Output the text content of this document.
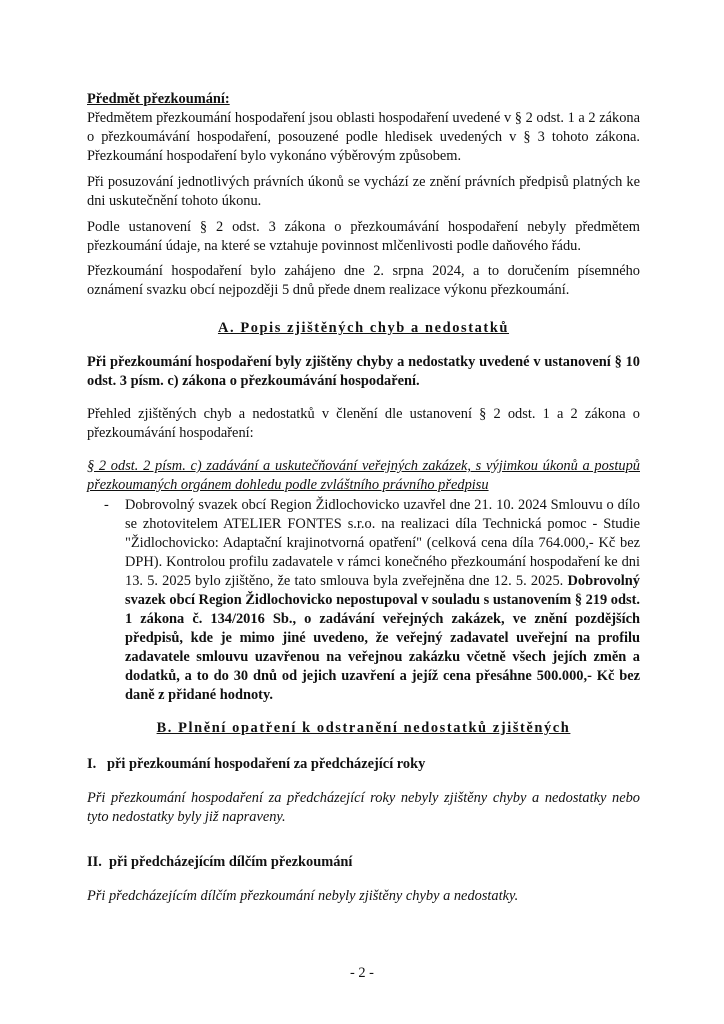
Předmět přezkoumání:
Předmětem přezkoumání hospodaření jsou oblasti hospodaření uvedené v § 2 odst. 1 a 2 zákona o přezkoumávání hospodaření, posouzené podle hledisek uvedených v § 3 tohoto zákona. Přezkoumání hospodaření bylo vykonáno výběrovým způsobem.
Při posuzování jednotlivých právních úkonů se vychází ze znění právních předpisů platných ke dni uskutečnění tohoto úkonu.
Podle ustanovení § 2 odst. 3 zákona o přezkoumávání hospodaření nebyly předmětem přezkoumání údaje, na které se vztahuje povinnost mlčenlivosti podle daňového řádu.
Přezkoumání hospodaření bylo zahájeno dne 2. srpna 2024, a to doručením písemného oznámení svazku obcí nejpozději 5 dnů přede dnem realizace výkonu přezkoumání.
A. Popis zjištěných chyb a nedostatků
Při přezkoumání hospodaření byly zjištěny chyby a nedostatky uvedené v ustanovení § 10 odst. 3 písm. c) zákona o přezkoumávání hospodaření.
Přehled zjištěných chyb a nedostatků v členění dle ustanovení § 2 odst. 1 a 2 zákona o přezkoumávání hospodaření:
§ 2 odst. 2 písm. c) zadávání a uskutečňování veřejných zakázek, s výjimkou úkonů a postupů přezkoumaných orgánem dohledu podle zvláštního právního předpisu
-	Dobrovolný svazek obcí Region Židlochovicko uzavřel dne 21. 10. 2024 Smlouvu o dílo se zhotovitelem ATELIER FONTES s.r.o. na realizaci díla Technická pomoc - Studie "Židlochovicko: Adaptační krajinotvorná opatření" (celková cena díla 764.000,- Kč bez DPH). Kontrolou profilu zadavatele v rámci konečného přezkoumání hospodaření ke dni 13. 5. 2025 bylo zjištěno, že tato smlouva byla zveřejněna dne 12. 5. 2025. Dobrovolný svazek obcí Region Židlochovicko nepostupoval v souladu s ustanovením § 219 odst. 1 zákona č. 134/2016 Sb., o zadávání veřejných zakázek, ve znění pozdějších předpisů, kde je mimo jiné uvedeno, že veřejný zadavatel uveřejní na profilu zadavatele smlouvu uzavřenou na veřejnou zakázku včetně všech jejích změn a dodatků, a to do 30 dnů od jejich uzavření a jejíž cena přesáhne 500.000,- Kč bez daně z přidané hodnoty.
B. Plnění opatření k odstranění nedostatků zjištěných
I.   při přezkoumání hospodaření za předcházející roky
Při přezkoumání hospodaření za předcházející roky nebyly zjištěny chyby a nedostatky nebo tyto nedostatky byly již napraveny.
II.  při předcházejícím dílčím přezkoumání
Při předcházejícím dílčím přezkoumání nebyly zjištěny chyby a nedostatky.
- 2 -
